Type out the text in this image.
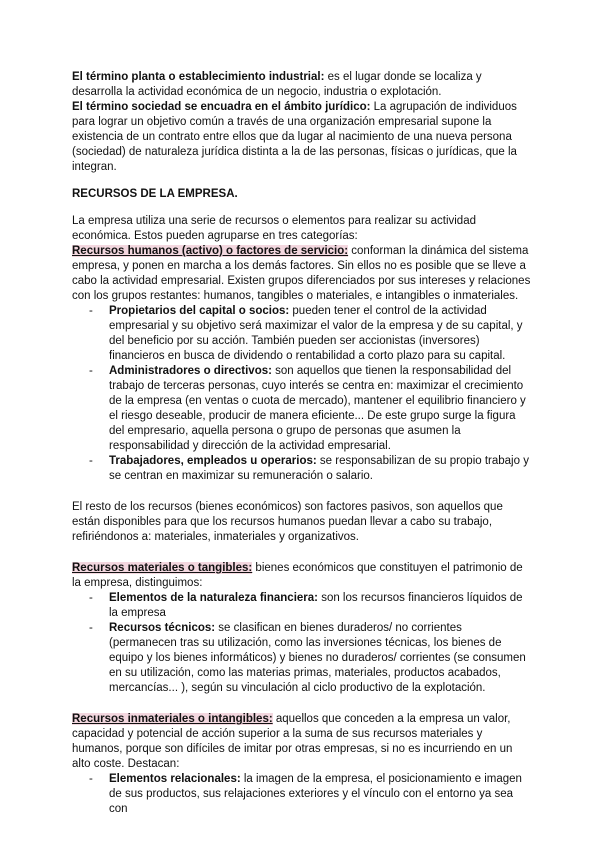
El término planta o establecimiento industrial: es el lugar donde se localiza y desarrolla la actividad económica de un negocio, industria o explotación.

El término sociedad se encuadra en el ámbito jurídico: La agrupación de individuos para lograr un objetivo común a través de una organización empresarial supone la existencia de un contrato entre ellos que da lugar al nacimiento de una nueva persona (sociedad) de naturaleza jurídica distinta a la de las personas, físicas o jurídicas, que la integran.

RECURSOS DE LA EMPRESA.

La empresa utiliza una serie de recursos o elementos para realizar su actividad económica. Estos pueden agruparse en tres categorías:

Recursos humanos (activo) o factores de servicio: conforman la dinámica del sistema empresa, y ponen en marcha a los demás factores. Sin ellos no es posible que se lleve a cabo la actividad empresarial. Existen grupos diferenciados por sus intereses y relaciones con los grupos restantes: humanos, tangibles o materiales, e intangibles o inmateriales.

- Propietarios del capital o socios: pueden tener el control de la actividad empresarial y su objetivo será maximizar el valor de la empresa y de su capital, y del beneficio por su acción. También pueden ser accionistas (inversores) financieros en busca de dividendo o rentabilidad a corto plazo para su capital.
- Administradores o directivos: son aquellos que tienen la responsabilidad del trabajo de terceras personas, cuyo interés se centra en: maximizar el crecimiento de la empresa (en ventas o cuota de mercado), mantener el equilibrio financiero y el riesgo deseable, producir de manera eficiente... De este grupo surge la figura del empresario, aquella persona o grupo de personas que asumen la responsabilidad y dirección de la actividad empresarial.
- Trabajadores, empleados u operarios: se responsabilizan de su propio trabajo y se centran en maximizar su remuneración o salario.

El resto de los recursos (bienes económicos) son factores pasivos, son aquellos que están disponibles para que los recursos humanos puedan llevar a cabo su trabajo, refiriéndonos a: materiales, inmateriales y organizativos.

Recursos materiales o tangibles: bienes económicos que constituyen el patrimonio de la empresa, distinguimos:

- Elementos de la naturaleza financiera: son los recursos financieros líquidos de la empresa
- Recursos técnicos: se clasifican en bienes duraderos/ no corrientes (permanecen tras su utilización, como las inversiones técnicas, los bienes de equipo y los bienes informáticos) y bienes no duraderos/ corrientes (se consumen en su utilización, como las materias primas, materiales, productos acabados, mercancías... ), según su vinculación al ciclo productivo de la explotación.

Recursos inmateriales o intangibles: aquellos que conceden a la empresa un valor, capacidad y potencial de acción superior a la suma de sus recursos materiales y humanos, porque son difíciles de imitar por otras empresas, si no es incurriendo en un alto coste. Destacan:

- Elementos relacionales: la imagen de la empresa, el posicionamiento e imagen de sus productos, sus relajaciones exteriores y el vínculo con el entorno ya sea con
